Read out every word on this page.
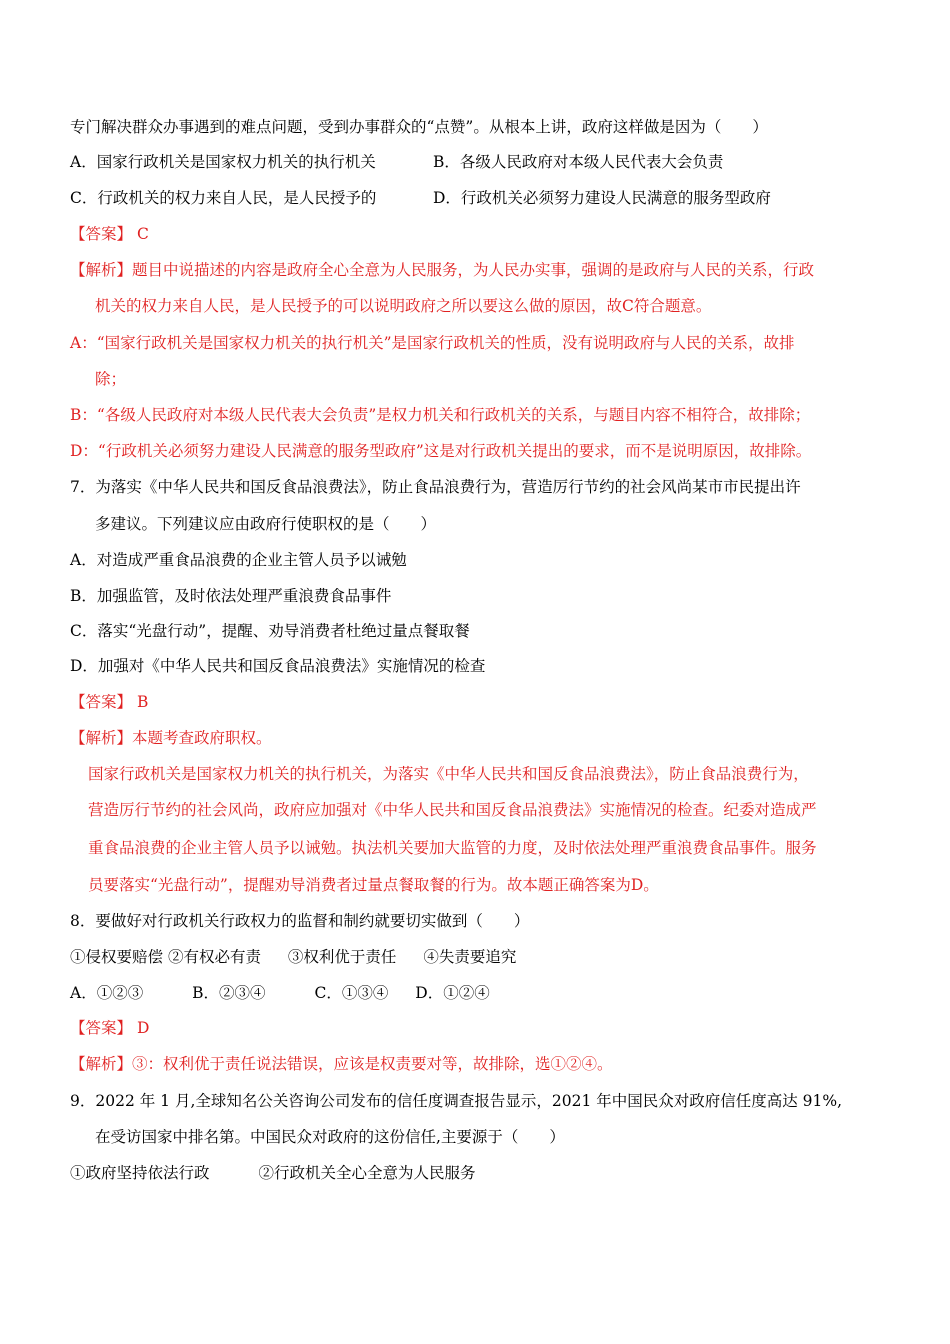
专门解决群众办事遇到的难点问题，受到办事群众的“点赞”。从根本上讲，政府这样做是因为（　　）
A．国家行政机关是国家权力机关的执行机关	B．各级人民政府对本级人民代表大会负责
C．行政机关的权力来自人民，是人民授予的	D．行政机关必须努力建设人民满意的服务型政府
【答案】 C
【解析】题目中说描述的内容是政府全心全意为人民服务，为人民办实事，强调的是政府与人民的关系，行政
机关的权力来自人民，是人民授予的可以说明政府之所以要这么做的原因，故C符合题意。
A：“国家行政机关是国家权力机关的执行机关”是国家行政机关的性质，没有说明政府与人民的关系，故排
除；
B：“各级人民政府对本级人民代表大会负责”是权力机关和行政机关的关系，与题目内容不相符合，故排除；
D：“行政机关必须努力建设人民满意的服务型政府”这是对行政机关提出的要求，而不是说明原因，故排除。
7．为落实《中华人民共和国反食品浪费法》，防止食品浪费行为，营造厉行节约的社会风尚某市市民提出许
多建议。下列建议应由政府行使职权的是（　　）
A．对造成严重食品浪费的企业主管人员予以诫勉
B．加强监管，及时依法处理严重浪费食品事件
C．落实“光盘行动”，提醒、劝导消费者杜绝过量点餐取餐
D．加强对《中华人民共和国反食品浪费法》实施情况的检查
【答案】 B
【解析】本题考查政府职权。
国家行政机关是国家权力机关的执行机关，为落实《中华人民共和国反食品浪费法》，防止食品浪费行为，
营造厉行节约的社会风尚，政府应加强对《中华人民共和国反食品浪费法》实施情况的检查。纪委对造成严
重食品浪费的企业主管人员予以诫勉。执法机关要加大监管的力度，及时依法处理严重浪费食品事件。服务
员要落实“光盘行动”，提醒劝导消费者过量点餐取餐的行为。故本题正确答案为D。
8．要做好对行政机关行政权力的监督和制约就要切实做到（　　）
①侵权要赔偿 ②有权必有责 ③权利优于责任 ④失责要追究
A．①②③	B．②③④	C．①③④ D．①②④
【答案】 D
【解析】③：权利优于责任说法错误，应该是权责要对等，故排除，选①②④。
9．2022 年 1 月,全球知名公关咨询公司发布的信任度调查报告显示，2021 年中国民众对政府信任度高达 91%,
在受访国家中排名第。中国民众对政府的这份信任,主要源于（　　）
①政府坚持依法行政	②行政机关全心全意为人民服务
